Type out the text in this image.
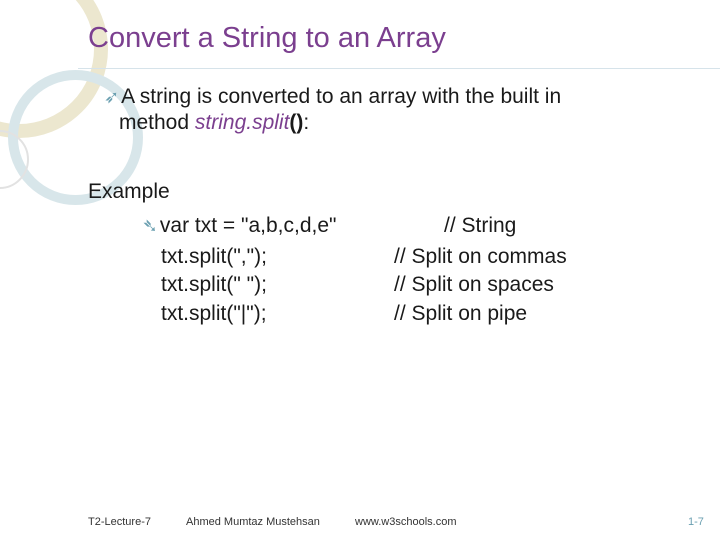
Convert a String to an Array
➶A string is converted to an array with the built in
method string.split():
Example
➴var txt = "a,b,c,d,e"	// String
txt.split(",");	// Split on commas
txt.split(" ");	// Split on spaces
txt.split("|");	// Split on pipe
T2-Lecture-7	Ahmed Mumtaz Mustehsan	www.w3schools.com	1-7
